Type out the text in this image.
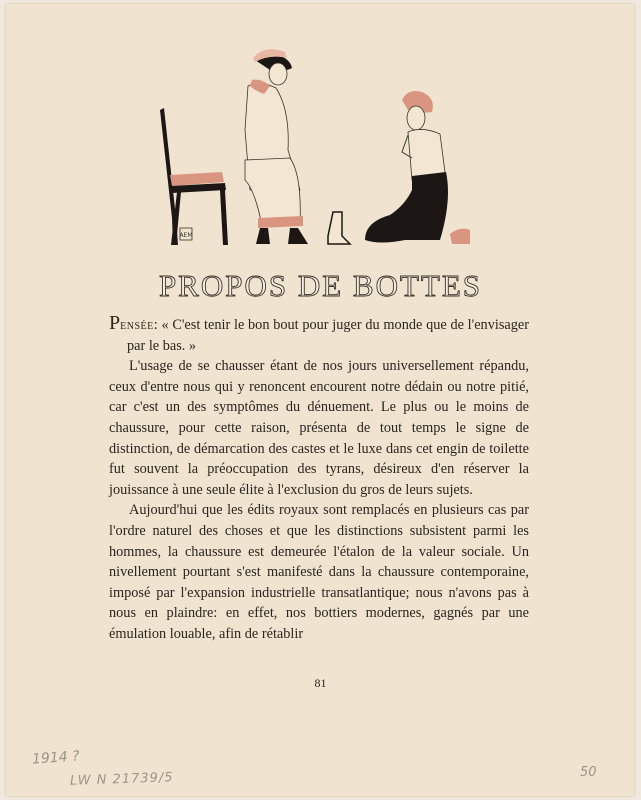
AEM
PROPOS DE BOTTES

Pensée: « C'est tenir le bon bout pour juger du monde que de l'envisager par le bas. »

L'usage de se chausser étant de nos jours universellement répandu, ceux d'entre nous qui y renoncent encourent notre dédain ou notre pitié, car c'est un des symptômes du dénuement. Le plus ou le moins de chaussure, pour cette raison, présenta de tout temps le signe de distinction, de démarcation des castes et le luxe dans cet engin de toilette fut souvent la préoccupation des tyrans, désireux d'en réserver la jouissance à une seule élite à l'exclusion du gros de leurs sujets.

Aujourd'hui que les édits royaux sont remplacés en plusieurs cas par l'ordre naturel des choses et que les distinctions subsistent parmi les hommes, la chaussure est demeurée l'étalon de la valeur sociale. Un nivellement pourtant s'est manifesté dans la chaussure contemporaine, imposé par l'expansion industrielle transatlantique; nous n'avons pas à nous en plaindre: en effet, nos bottiers modernes, gagnés par une émulation louable, afin de rétablir

81
1914 ?
LW N 21739/5	50
